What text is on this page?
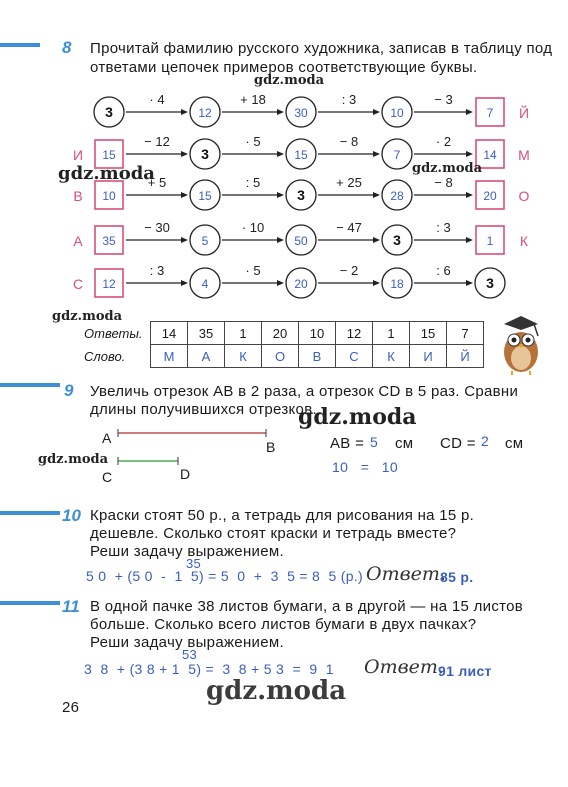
8 Прочитай фамилию русского художника, записав в таблицу под
ответами цепочек примеров соответствующие буквы.
· 4	+ 18	: 3	− 3
3	12	30	10	7 Й
− 12	· 5	− 8	· 2
15	3	15	7	14
И	М
+ 5	: 5	+ 25	− 8
10	15	3	28	20
В	О
− 30	· 10	− 47	: 3
35	5	50	3	1
А	К
: 3	· 5	− 2	: 6
12	4	20	18	3
С
Ответы.	14	35	1	20	10	12	1	15	7
Слово.	М	А	К	О	В	С	К	И	Й
9 Увеличь отрезок AB в 2 раза, а отрезок CD в 5 раз. Сравни
длины получившихся отрезков.
A
B
C	D
AB = 5 см CD = 2 см
10   =   10
10 Краски стоят 50 р., а тетрадь для рисования на 15 р.
дешевле. Сколько стоят краски и тетрадь вместе?
Реши задачу выражением.
35
5 0  + (5 0  -  1  5) = 5  0  +  3  5 = 8  5 (р.) Ответ.
85 р.
11 В одной пачке 38 листов бумаги, а в другой — на 15 листов
больше. Сколько всего листов бумаги в двух пачках?
Реши задачу выражением.
53
3  8  + (3 8 + 1  5) =  3  8 + 5 3  =  9  1 Ответ.
91 лист
26
gdz.moda
gdz.moda	gdz.moda
gdz.moda
gdz.moda
gdz.moda
gdz.moda
